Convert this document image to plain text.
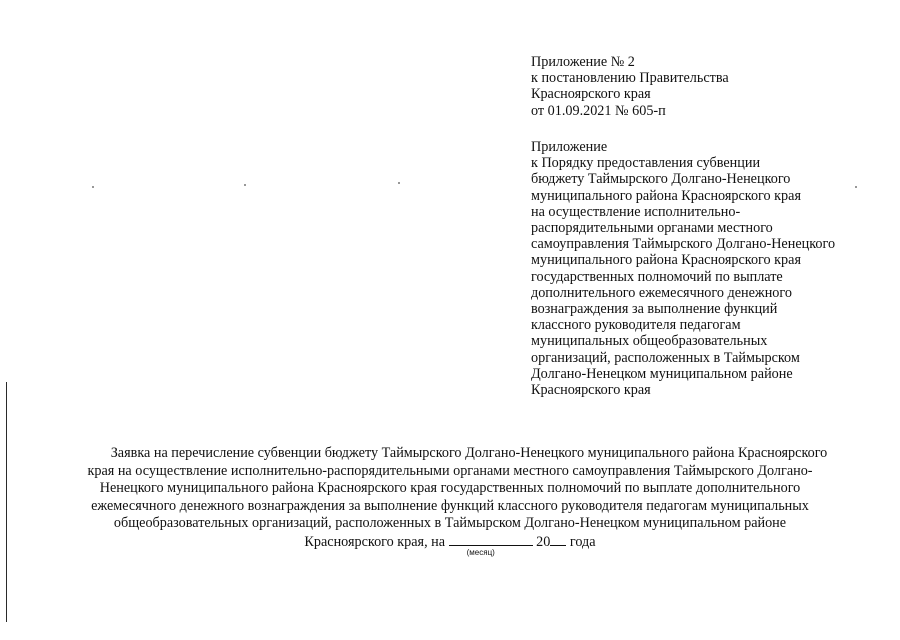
Приложение № 2
к постановлению Правительства
Красноярского края
от 01.09.2021 № 605-п
Приложение
к Порядку предоставления субвенции
бюджету Таймырского Долгано-Ненецкого
муниципального района Красноярского края
на осуществление исполнительно-
распорядительными органами местного
самоуправления Таймырского Долгано-Ненецкого
муниципального района Красноярского края
государственных полномочий по выплате
дополнительного ежемесячного денежного
вознаграждения за выполнение функций
классного руководителя педагогам
муниципальных общеобразовательных
организаций, расположенных в Таймырском
Долгано-Ненецком муниципальном районе
Красноярского края
Заявка на перечисление субвенции бюджету Таймырского Долгано-Ненецкого муниципального района Красноярского
края на осуществление исполнительно-распорядительными органами местного самоуправления Таймырского Долгано-
Ненецкого муниципального района Красноярского края государственных полномочий по выплате дополнительного
ежемесячного денежного вознаграждения за выполнение функций классного руководителя педагогам муниципальных
общеобразовательных организаций, расположенных в Таймырском Долгано-Ненецком муниципальном районе
Красноярского края, на
(месяц)
20 года
